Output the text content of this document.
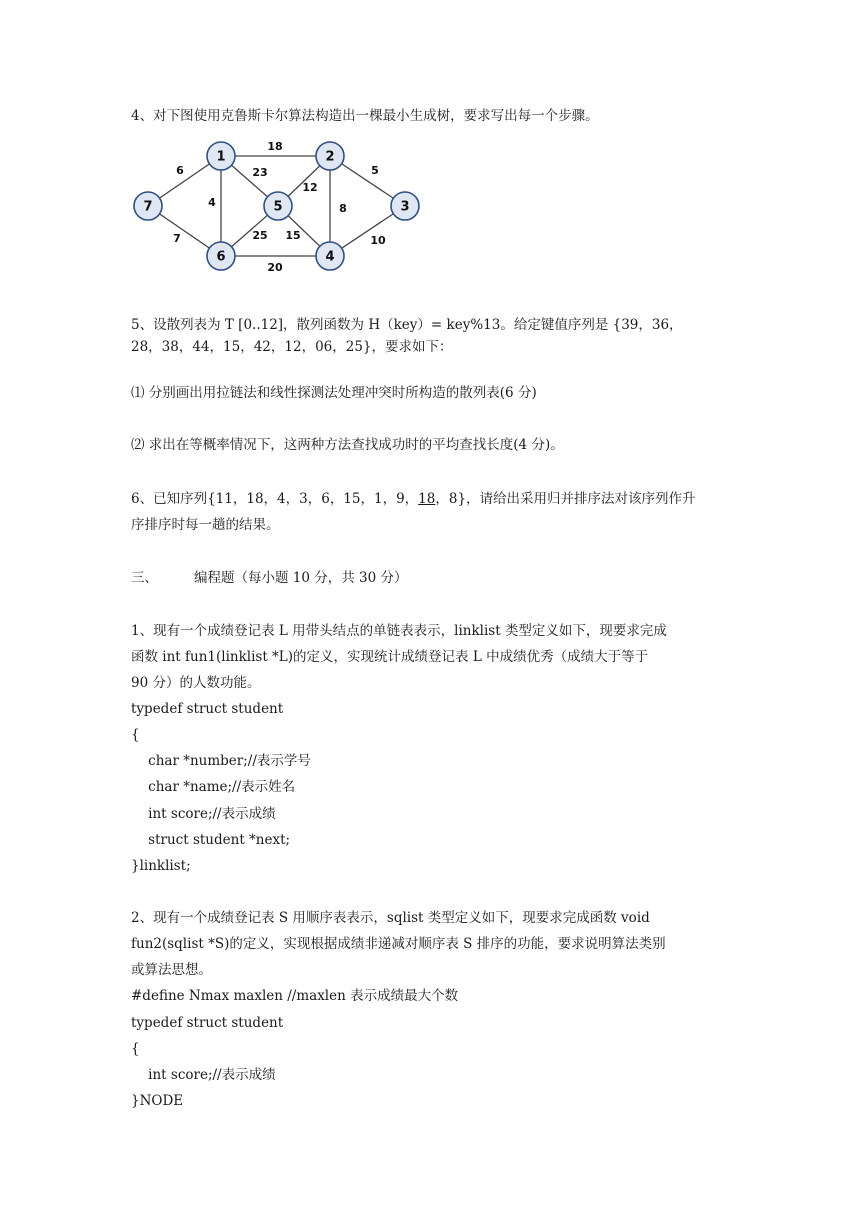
4、对下图使用克鲁斯卡尔算法构造出一棵最小生成树，要求写出每一个步骤。
18
6	23
4
5
12
8
7	25 15	10
20
1	2
3
4
5
6
7
5、设散列表为 T [0..12]，散列函数为 H（key）= key%13。给定键值序列是 {39，36，
28，38，44，15，42，12，06，25}，要求如下：
⑴ 分别画出用拉链法和线性探测法处理冲突时所构造的散列表(6 分)
⑵ 求出在等概率情况下，这两种方法查找成功时的平均查找长度(4 分)。
6、已知序列{11，18，4，3，6，15，1，9，18，8}，请给出采用归并排序法对该序列作升
序排序时每一趟的结果。
三、	编程题（每小题 10 分，共 30 分）
1、现有一个成绩登记表 L 用带头结点的单链表表示，linklist 类型定义如下，现要求完成
函数 int fun1(linklist *L)的定义，实现统计成绩登记表 L 中成绩优秀（成绩大于等于
90 分）的人数功能。
typedef struct student
{
char *number;//表示学号
char *name;//表示姓名
int score;//表示成绩
struct student *next;
}linklist;
2、现有一个成绩登记表 S 用顺序表表示，sqlist 类型定义如下，现要求完成函数 void
fun2(sqlist *S)的定义，实现根据成绩非递减对顺序表 S 排序的功能，要求说明算法类别
或算法思想。
#define Nmax maxlen //maxlen 表示成绩最大个数
typedef struct student
{
int score;//表示成绩
}NODE
